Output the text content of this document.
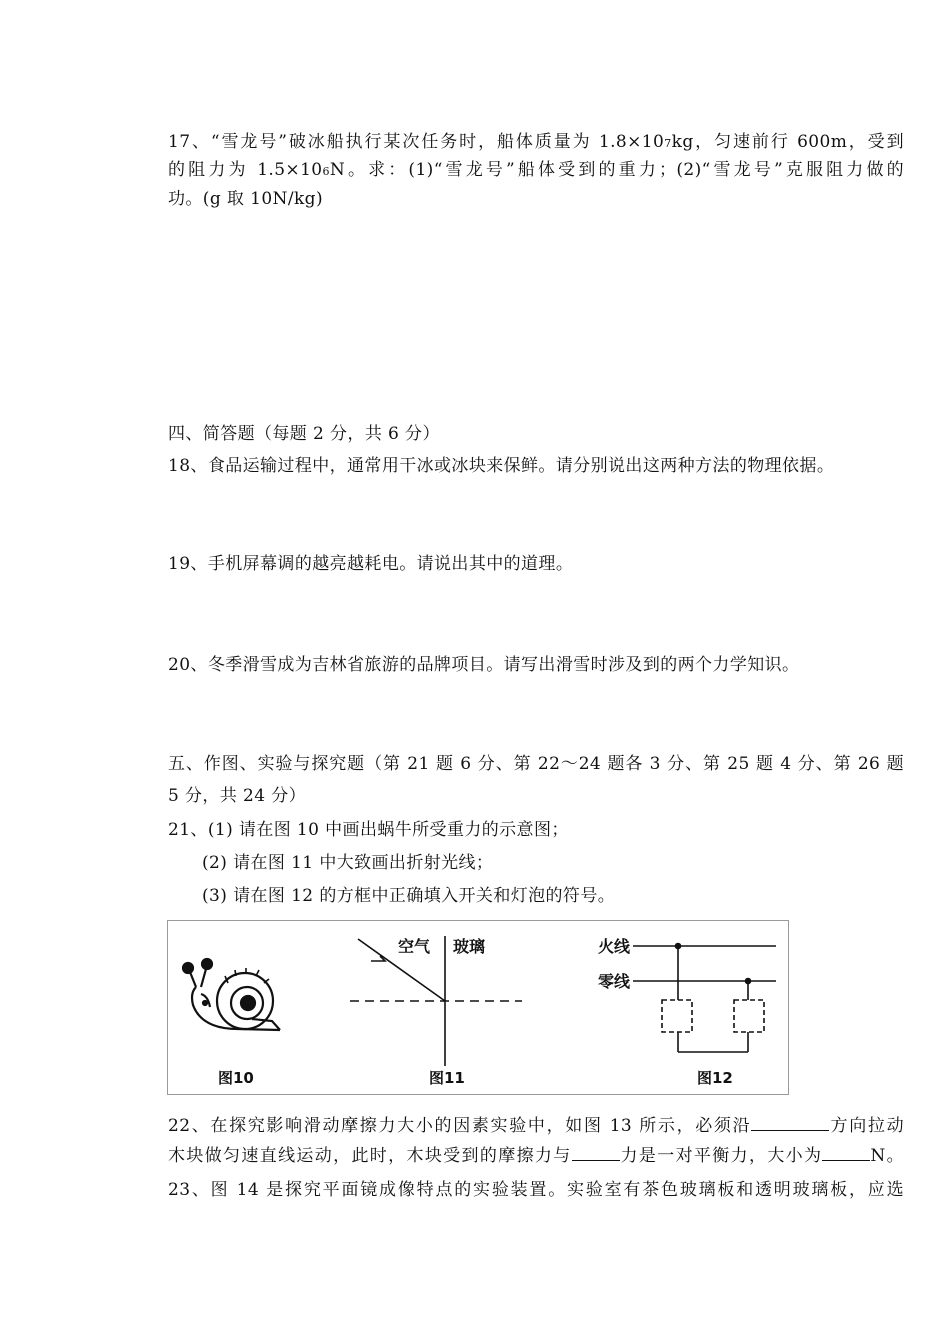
17、“雪龙号”破冰船执行某次任务时，船体质量为 1.8×107kg，匀速前行 600m，受到
的阻力为 1.5×106N。求：(1)“雪龙号”船体受到的重力；(2)“雪龙号”克服阻力做的
功。(g 取 10N/kg)
四、简答题（每题 2 分，共 6 分）
18、食品运输过程中，通常用干冰或冰块来保鲜。请分别说出这两种方法的物理依据。
19、手机屏幕调的越亮越耗电。请说出其中的道理。
20、冬季滑雪成为吉林省旅游的品牌项目。请写出滑雪时涉及到的两个力学知识。
五、作图、实验与探究题（第 21 题 6 分、第 22～24 题各 3 分、第 25 题 4 分、第 26 题
5 分，共 24 分）
21、(1) 请在图 10 中画出蜗牛所受重力的示意图；
(2) 请在图 11 中大致画出折射光线；
(3) 请在图 12 的方框中正确填入开关和灯泡的符号。
图10
空气 玻璃
图11
火线
零线
图12
22、在探究影响滑动摩擦力大小的因素实验中，如图 13 所示，必须沿	方向拉动
木块做匀速直线运动，此时，木块受到的摩擦力与	力是一对平衡力，大小为	N。
23、图 14 是探究平面镜成像特点的实验装置。实验室有茶色玻璃板和透明玻璃板，应选
